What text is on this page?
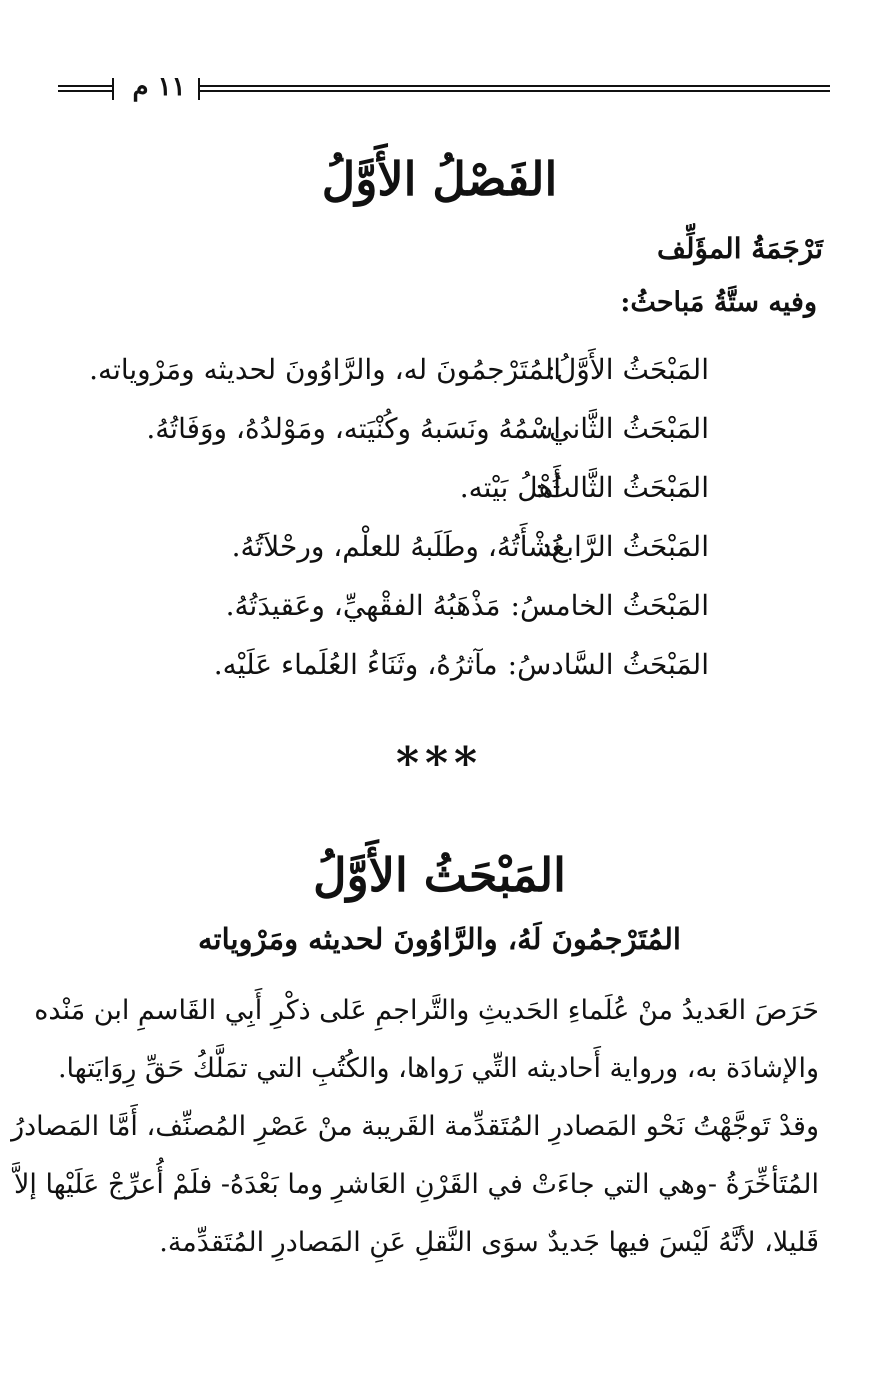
١١ م
الفَصْلُ الأَوَّلُ
تَرْجَمَةُ المؤَلِّف
وفيه ستَّةُ مَباحثُ:
المَبْحَثُ الأَوَّلُ:
المُتَرْجمُونَ له، والرَّاوُونَ لحديثه ومَرْوياته.
المَبْحَثُ الثَّاني:
اسْمُهُ ونَسَبهُ وكُنْيَته، ومَوْلدُهُ، ووَفَاتُهُ.
المَبْحَثُ الثَّالثُ:
أَهْلُ بَيْته.
المَبْحَثُ الرَّابعُ:
نَشْأَتُهُ، وطَلَبهُ للعلْم، ورحْلاَتُهُ.
المَبْحَثُ الخامسُ:
مَذْهَبُهُ الفقْهيِّ، وعَقيدَتُهُ.
المَبْحَثُ السَّادسُ:
مآثرُهُ، وثَنَاءُ العُلَماء عَلَيْه.
***
المَبْحَثُ الأَوَّلُ
المُتَرْجمُونَ لَهُ، والرَّاوُونَ لحديثه ومَرْوياته
حَرَصَ العَديدُ منْ عُلَماءِ الحَديثِ والتَّراجمِ عَلى ذكْرِ أَبِي القَاسمِ ابن مَنْده
والإشادَة به، ورواية أَحاديثه التِّي رَواها، والكُتُبِ التي تمَلَّكُ حَقِّ رِوَايَتها.
وقدْ تَوجَّهْتُ نَحْو المَصادرِ المُتَقدِّمة القَريبة منْ عَصْرِ المُصنِّف، أَمَّا المَصادرُ
المُتَأخِّرَةُ -وهي التي جاءَتْ في القَرْنِ العَاشرِ وما بَعْدَهُ- فلَمْ أُعرِّجْ عَلَيْها إلاَّ
قَليلا، لأنَّهُ لَيْسَ فيها جَديدٌ سوَى النَّقلِ عَنِ المَصادرِ المُتَقدِّمة.
